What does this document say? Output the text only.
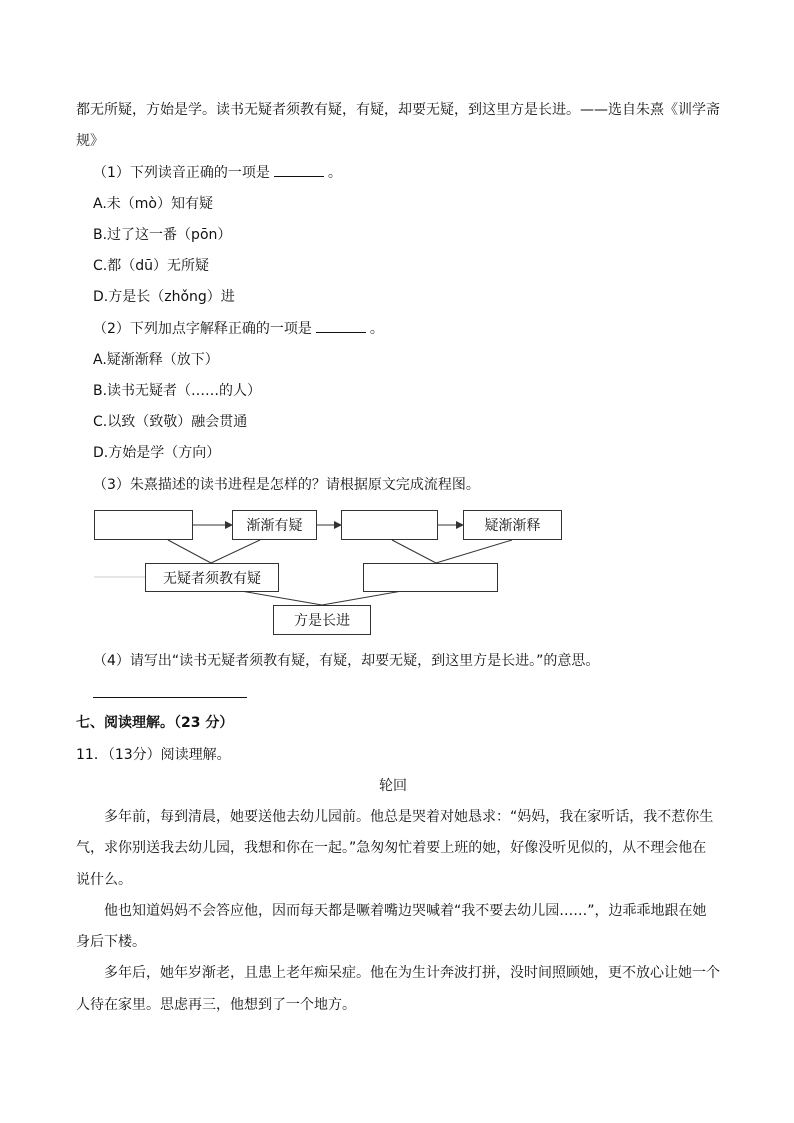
都无所疑，方始是学。读书无疑者须教有疑，有疑，却要无疑，到这里方是长进。——选自朱熹《训学斋
规》
（1）下列读音正确的一项是	。
A.未（mò）知有疑
B.过了这一番（pōn）
C.都（dū）无所疑
D.方是长（zhǒng）进
（2）下列加点字解释正确的一项是	。
A.疑渐渐释（放下）
B.读书无疑者（……的人）
C.以致（致敬）融会贯通
D.方始是学（方向）
（3）朱熹描述的读书进程是怎样的？请根据原文完成流程图。
渐渐有疑	疑渐渐释
无疑者须教有疑
方是长进
（4）请写出“读书无疑者须教有疑，有疑，却要无疑，到这里方是长进。”的意思。
七、阅读理解。（23 分）
11．（13分）阅读理解。
轮回
多年前，每到清晨，她要送他去幼儿园前。他总是哭着对她恳求：“妈妈，我在家听话，我不惹你生
气，求你别送我去幼儿园，我想和你在一起。”急匆匆忙着要上班的她，好像没听见似的，从不理会他在
说什么。
他也知道妈妈不会答应他，因而每天都是噘着嘴边哭喊着“我不要去幼儿园……”，边乖乖地跟在她
身后下楼。
多年后，她年岁渐老，且患上老年痴呆症。他在为生计奔波打拼，没时间照顾她，更不放心让她一个
人待在家里。思虑再三，他想到了一个地方。
